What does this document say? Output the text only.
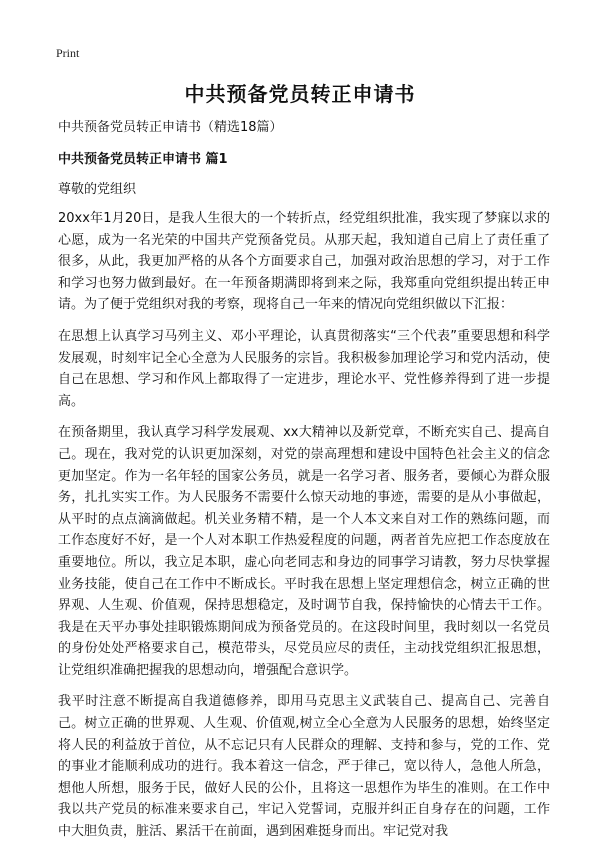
Print
中共预备党员转正申请书
中共预备党员转正申请书（精选18篇）
中共预备党员转正申请书 篇1
尊敬的党组织

20xx年1月20日，是我人生很大的一个转折点，经党组织批准，我实现了梦寐以求的心愿，成为一名光荣的中国共产党预备党员。从那天起，我知道自己肩上了责任重了很多，从此，我更加严格的从各个方面要求自己，加强对政治思想的学习，对于工作和学习也努力做到最好。在一年预备期满即将到来之际，我郑重向党组织提出转正申请。为了便于党组织对我的考察，现将自己一年来的情况向党组织做以下汇报：

在思想上认真学习马列主义、邓小平理论，认真贯彻落实“三个代表”重要思想和科学发展观，时刻牢记全心全意为人民服务的宗旨。我积极参加理论学习和党内活动，使自己在思想、学习和作风上都取得了一定进步，理论水平、党性修养得到了进一步提高。

在预备期里，我认真学习科学发展观、xx大精神以及新党章，不断充实自己、提高自己。现在，我对党的认识更加深刻，对党的崇高理想和建设中国特色社会主义的信念更加坚定。作为一名年轻的国家公务员，就是一名学习者、服务者，要倾心为群众服务，扎扎实实工作。为人民服务不需要什么惊天动地的事迹，需要的是从小事做起，从平时的点点滴滴做起。机关业务精不精，是一个人本文来自对工作的熟练问题，而工作态度好不好，是一个人对本职工作热爱程度的问题，两者首先应把工作态度放在重要地位。所以，我立足本职，虚心向老同志和身边的同事学习请教，努力尽快掌握业务技能，使自己在工作中不断成长。平时我在思想上坚定理想信念，树立正确的世界观、人生观、价值观，保持思想稳定，及时调节自我，保持愉快的心情去干工作。我是在天平办事处挂职锻炼期间成为预备党员的。在这段时间里，我时刻以一名党员的身份处处严格要求自己，模范带头，尽党员应尽的责任，主动找党组织汇报思想，让党组织准确把握我的思想动向，增强配合意识学。

我平时注意不断提高自我道德修养，即用马克思主义武装自己、提高自己、完善自己。树立正确的世界观、人生观、价值观,树立全心全意为人民服务的思想，始终坚定将人民的利益放于首位，从不忘记只有人民群众的理解、支持和参与，党的工作、党的事业才能顺利成功的进行。我本着这一信念，严于律己，宽以待人，急他人所急，想他人所想，服务于民，做好人民的公仆，且将这一思想作为毕生的准则。在工作中我以共产党员的标准来要求自己，牢记入党誓词，克服并纠正自身存在的问题，工作中大胆负责，脏活、累活干在前面，遇到困难挺身而出。牢记党对我
